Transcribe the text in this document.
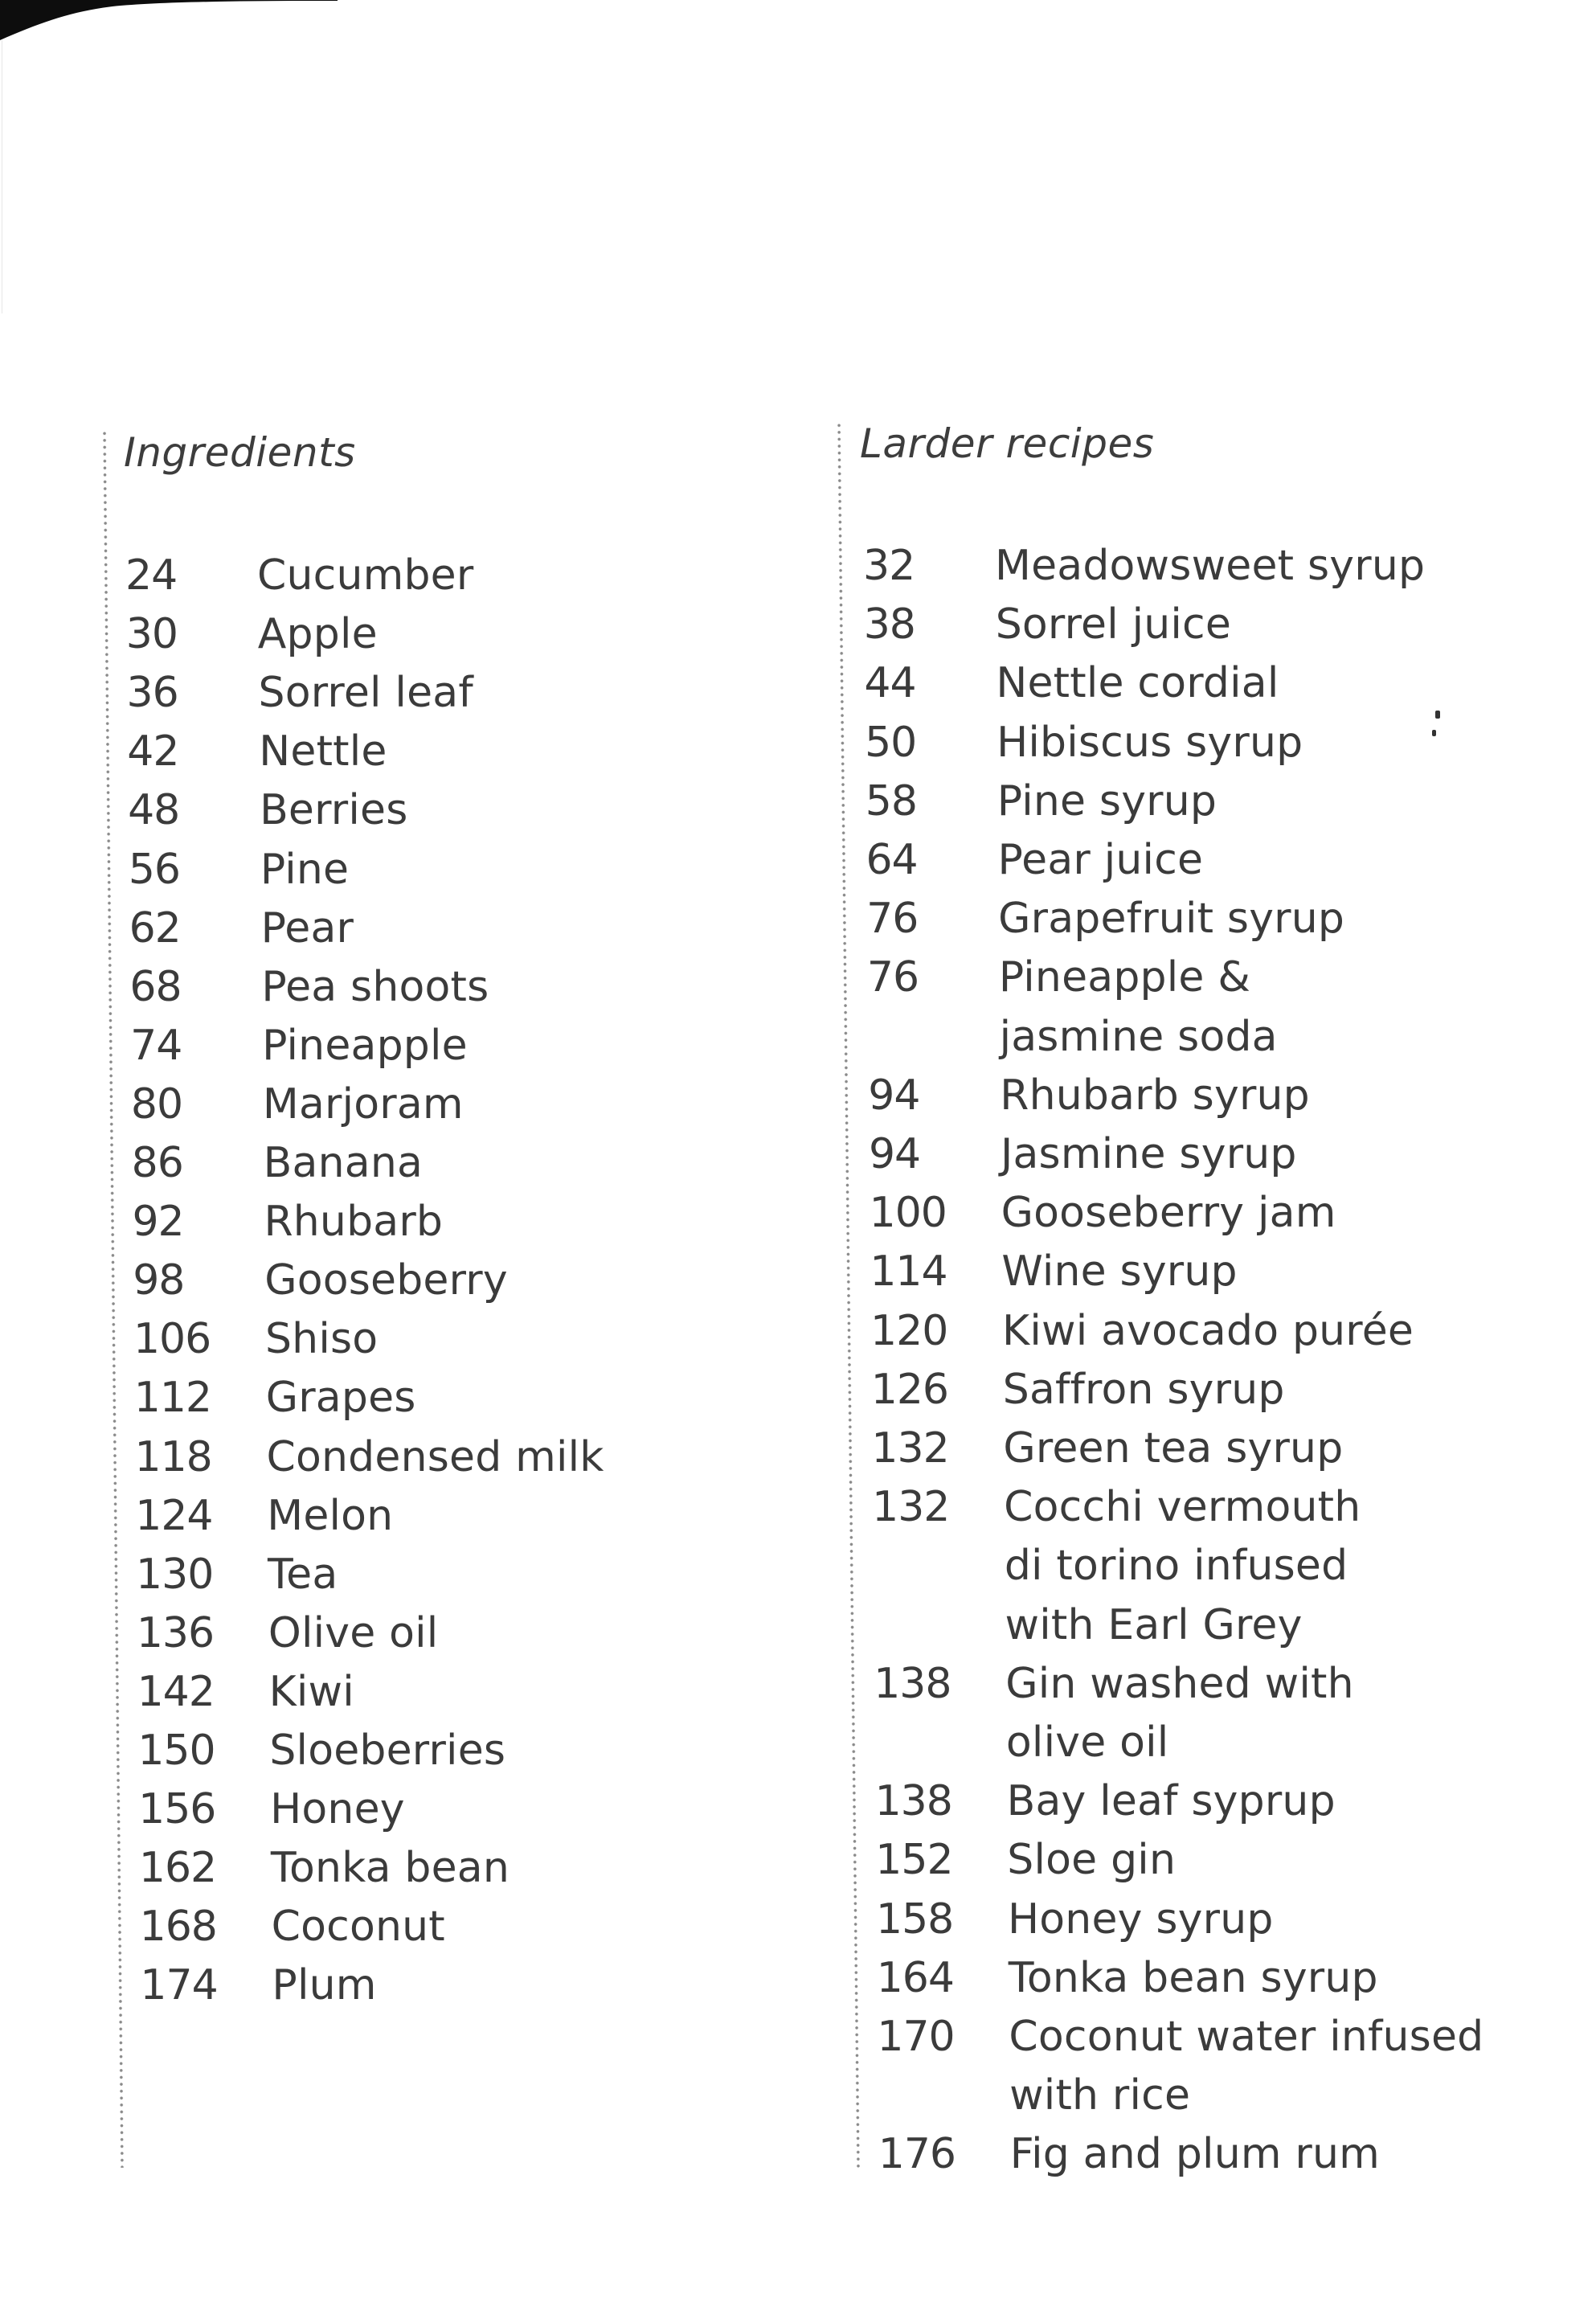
Ingredients
24 Cucumber
30 Apple
36 Sorrel leaf
42 Nettle
48 Berries
56 Pine
62 Pear
68 Pea shoots
74 Pineapple
80 Marjoram
86 Banana
92 Rhubarb
98 Gooseberry
106 Shiso
112 Grapes
118 Condensed milk
124 Melon
130 Tea
136 Olive oil
142 Kiwi
150 Sloeberries
156 Honey
162 Tonka bean
168 Coconut
174 Plum
Larder recipes
32 Meadowsweet syrup
38 Sorrel juice
44 Nettle cordial
50 Hibiscus syrup
58 Pine syrup
64 Pear juice
76 Grapefruit syrup
76 Pineapple &
jasmine soda
94 Rhubarb syrup
94 Jasmine syrup
100 Gooseberry jam
114 Wine syrup
120 Kiwi avocado purée
126 Saffron syrup
132 Green tea syrup
132 Cocchi vermouth
di torino infused
with Earl Grey
138 Gin washed with
olive oil
138 Bay leaf syprup
152 Sloe gin
158 Honey syrup
164 Tonka bean syrup
170 Coconut water infused
with rice
176 Fig and plum rum
